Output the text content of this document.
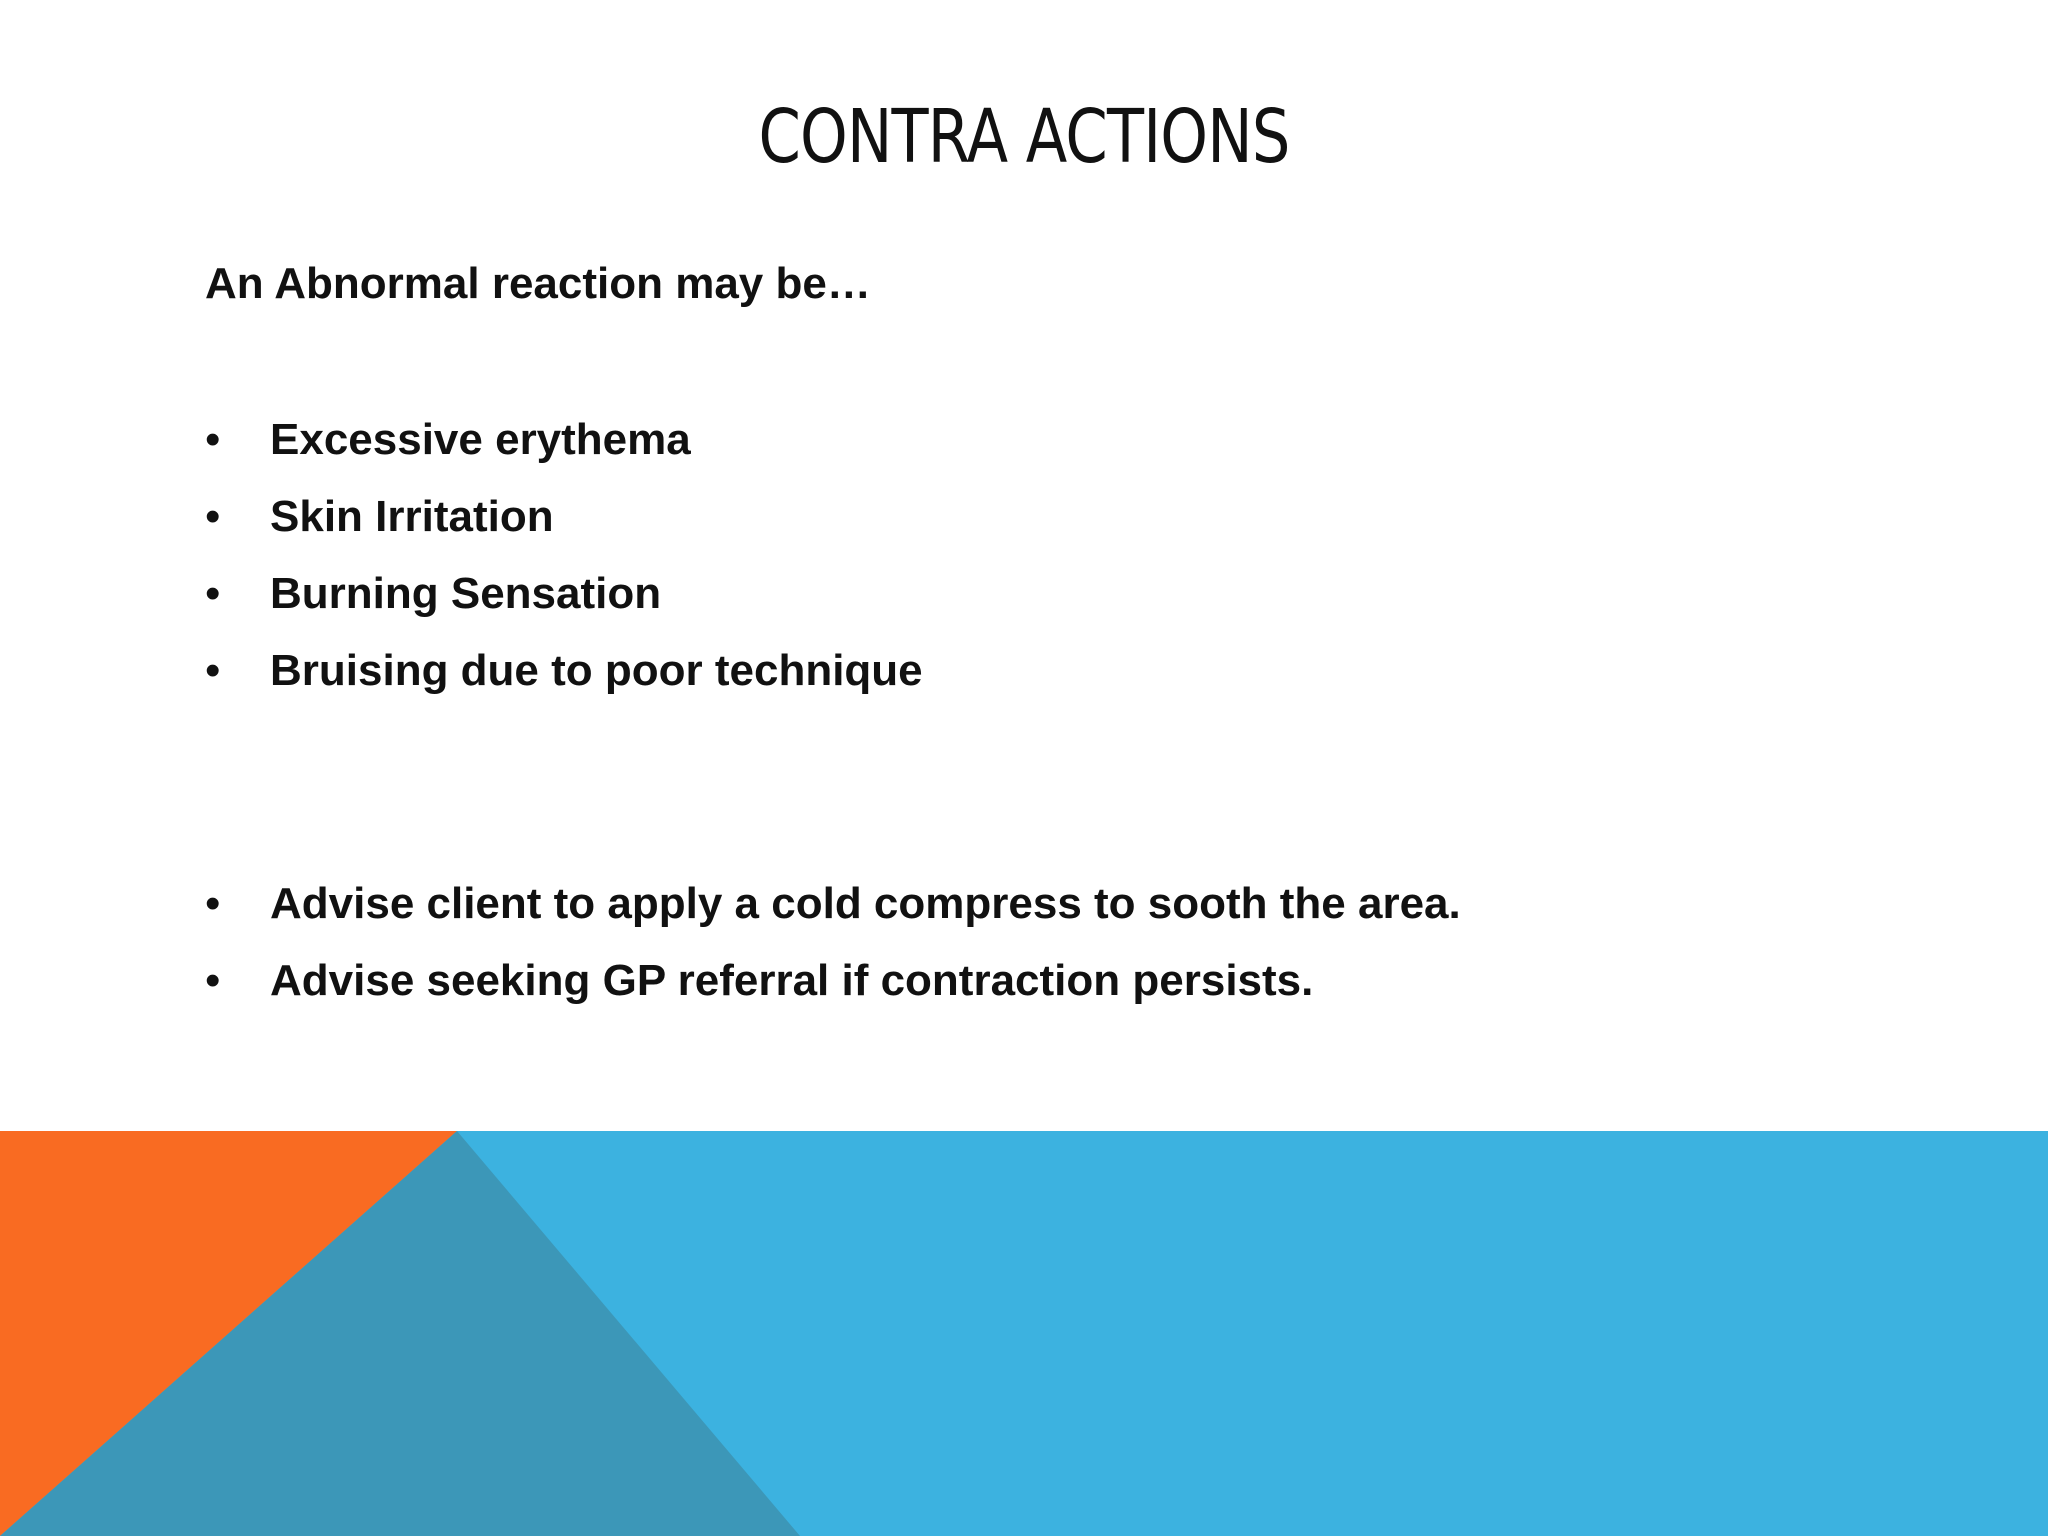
CONTRA ACTIONS
An Abnormal reaction may be…
• Excessive erythema
• Skin Irritation
• Burning Sensation
• Bruising due to poor technique
• Advise client to apply a cold compress to sooth the area.
• Advise seeking GP referral if contraction persists.
